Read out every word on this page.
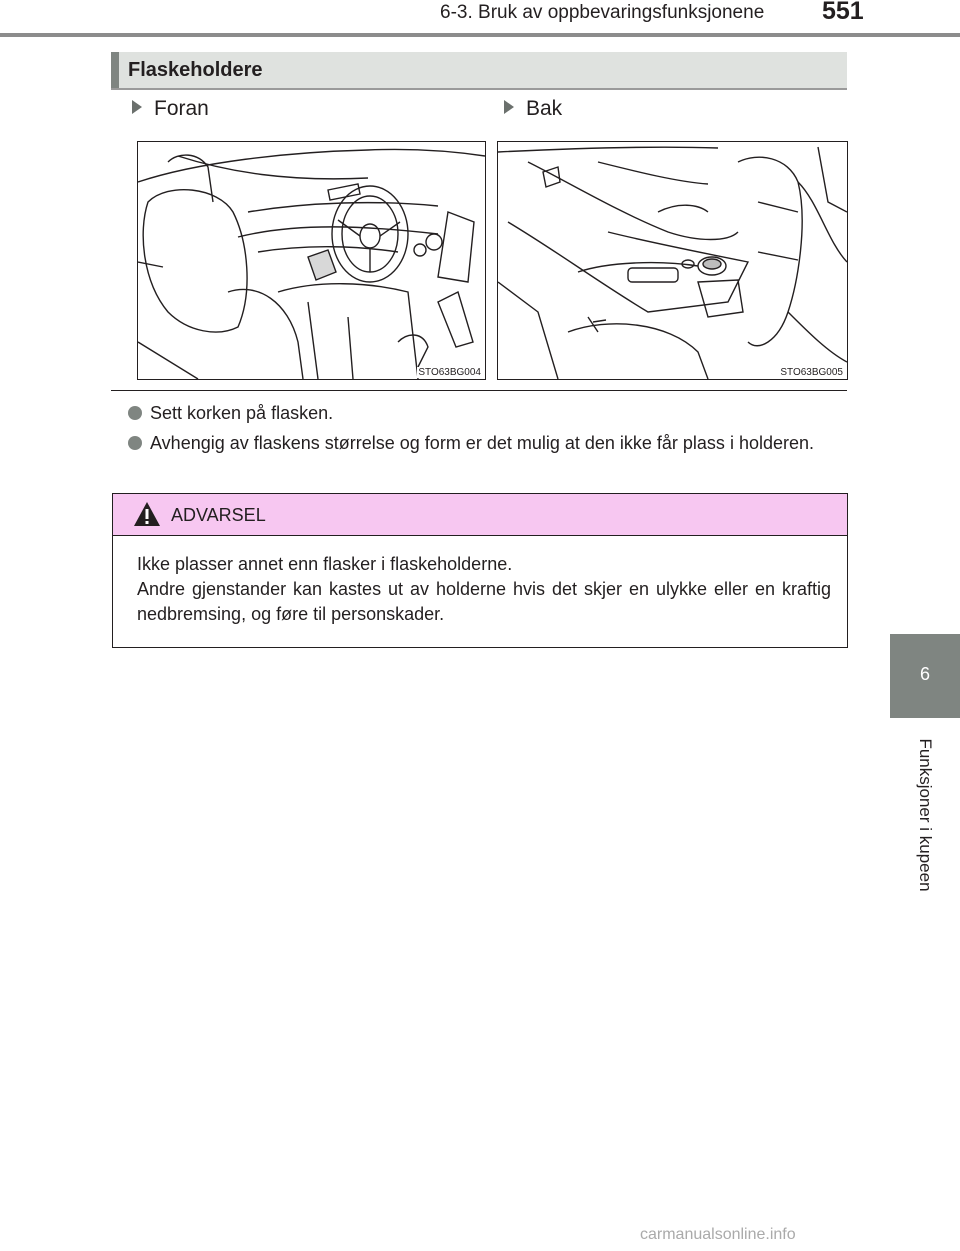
6-3. Bruk av oppbevaringsfunksjonene 551
6
Funksjoner i kupeen
Flaskeholdere
Foran	Bak
STO63BG004	STO63BG005
Sett korken på flasken.
Avhengig av flaskens størrelse og form er det mulig at den ikke får plass i holderen.
ADVARSEL

Ikke plasser annet enn flasker i flaskeholderne.

Andre gjenstander kan kastes ut av holderne hvis det skjer en ulykke eller en kraftig nedbremsing, og føre til personskader.

carmanualsonline.info
